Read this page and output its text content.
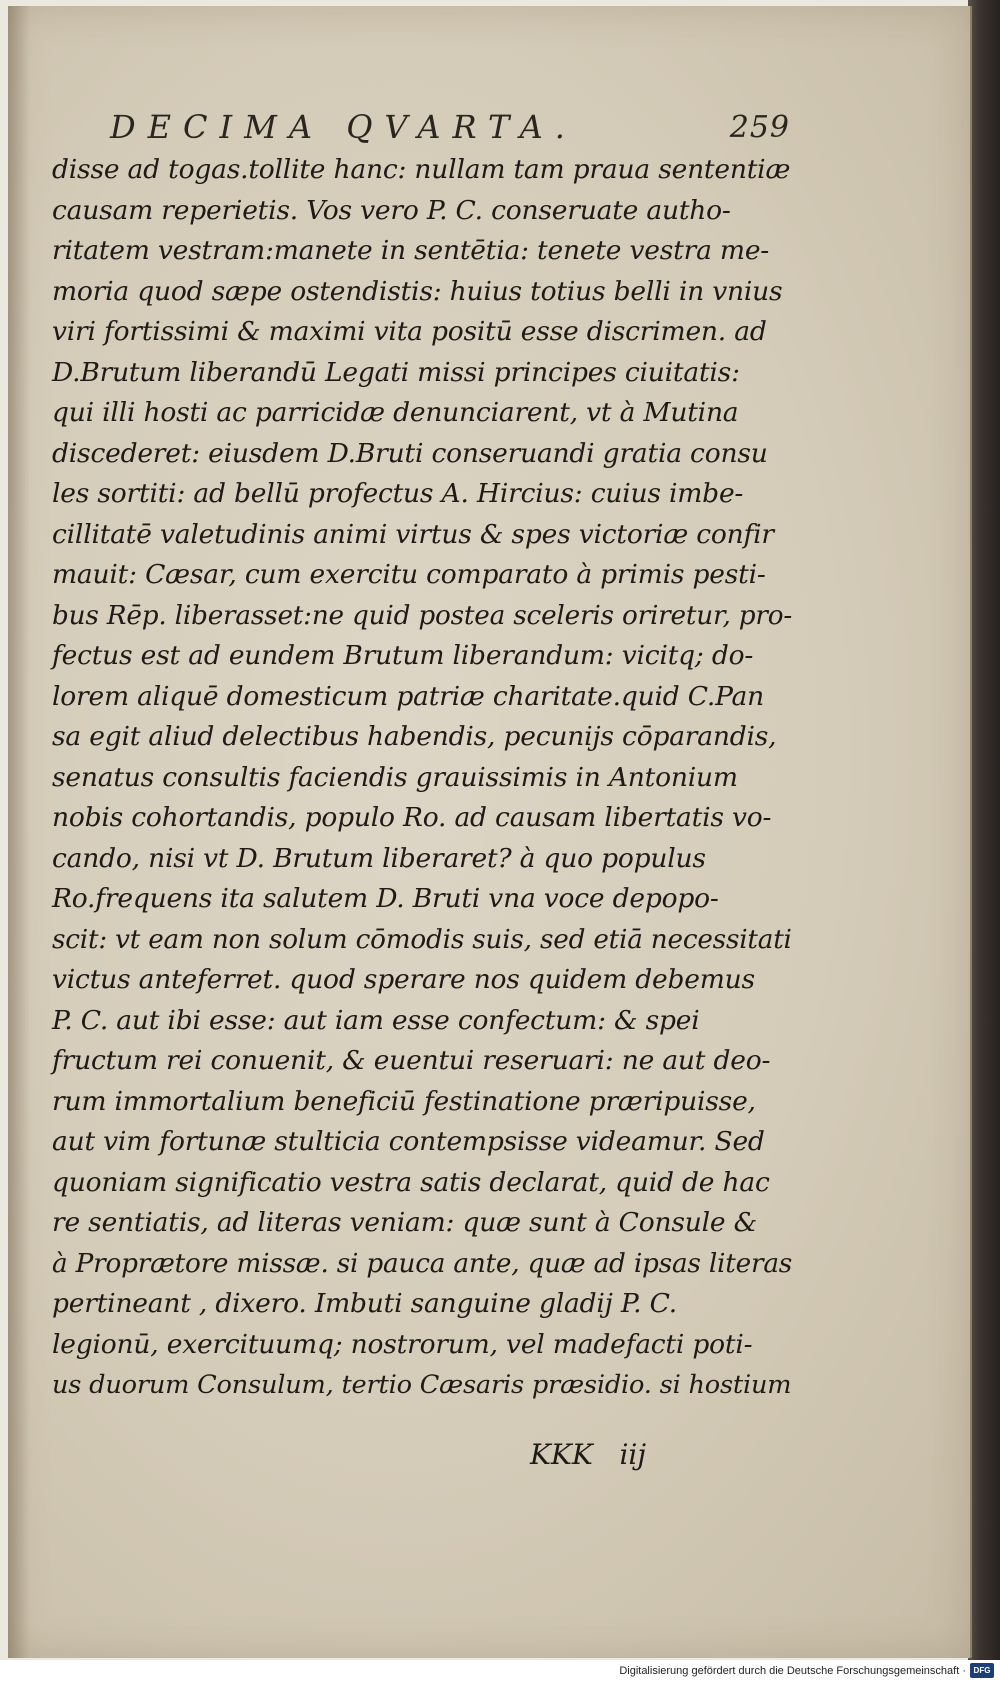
DECIMA QVARTA.	259
disse ad togas.tollite hanc: nullam tam praua sententiæ
causam reperietis. Vos vero P. C. conseruate autho-
ritatem vestram:manete in sentētia: tenete vestra me-
moria quod sæpe ostendistis: huius totius belli in vnius
viri fortissimi & maximi vita positū esse discrimen. ad
D.Brutum liberandū Legati missi principes ciuitatis:
qui illi hosti ac parricidæ denunciarent, vt à Mutina
discederet: eiusdem D.Bruti conseruandi gratia consu
les sortiti: ad bellū profectus A. Hircius: cuius imbe-
cillitatē valetudinis animi virtus & spes victoriæ confir
mauit: Cæsar, cum exercitu comparato à primis pesti-
bus Rēp. liberasset:ne quid postea sceleris oriretur, pro-
fectus est ad eundem Brutum liberandum: vicitq; do-
lorem aliquē domesticum patriæ charitate.quid C.Pan
sa egit aliud delectibus habendis, pecunijs cōparandis,
senatus consultis faciendis grauissimis in Antonium
nobis cohortandis, populo Ro. ad causam libertatis vo-
cando, nisi vt D. Brutum liberaret? à quo populus
Ro.frequens ita salutem D. Bruti vna voce depopo-
scit: vt eam non solum cōmodis suis, sed etiā necessitati
victus anteferret. quod sperare nos quidem debemus
P. C. aut ibi esse: aut iam esse confectum: & spei
fructum rei conuenit, & euentui reseruari: ne aut deo-
rum immortalium beneficiū festinatione præripuisse,
aut vim fortunæ stulticia contempsisse videamur. Sed
quoniam significatio vestra satis declarat, quid de hac
re sentiatis, ad literas veniam: quæ sunt à Consule &
à Proprætore missæ. si pauca ante, quæ ad ipsas literas
pertineant , dixero. Imbuti sanguine gladij P. C.
legionū, exercituumq; nostrorum, vel madefacti poti-
us duorum Consulum, tertio Cæsaris præsidio. si hostium
KKK   iij
Digitalisierung gefördert durch die Deutsche Forschungsgemeinschaft · DFG
